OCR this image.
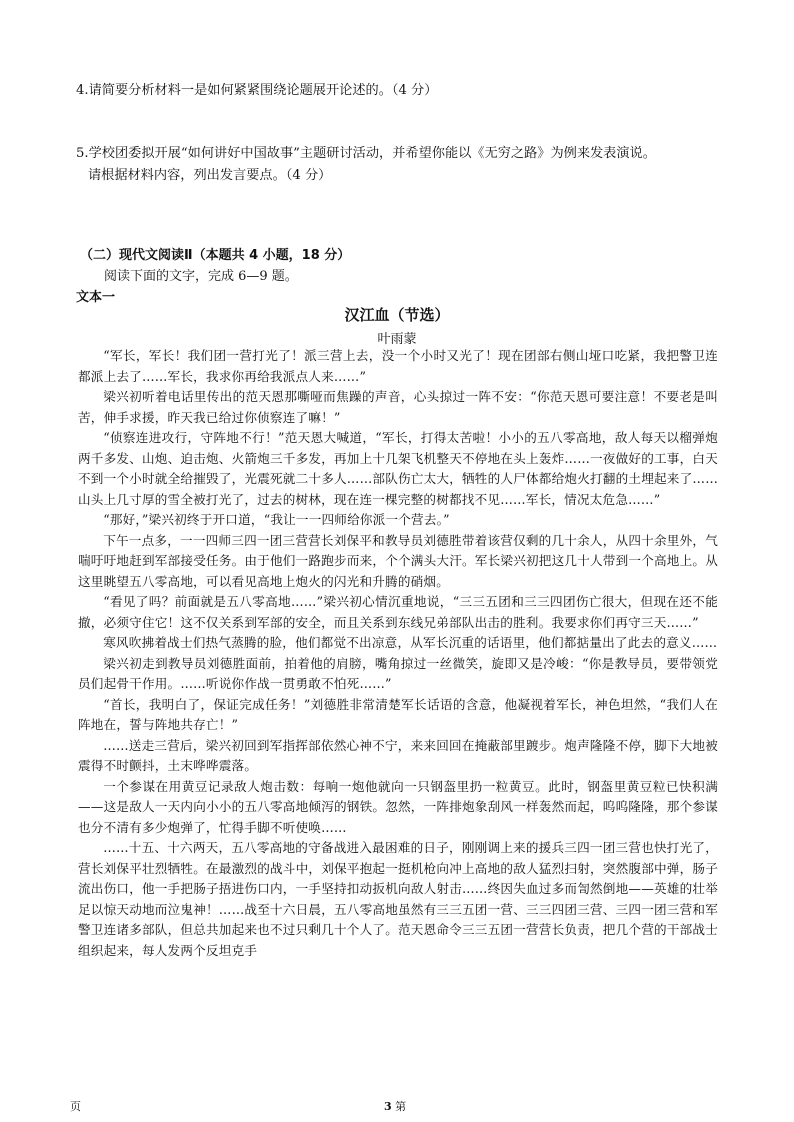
4.请简要分析材料一是如何紧紧围绕论题展开论述的。（4 分）

5.学校团委拟开展“如何讲好中国故事”主题研讨活动，并希望你能以《无穷之路》为例来发表演说。
请根据材料内容，列出发言要点。（4 分）

（二）现代文阅读Ⅱ（本题共 4 小题，18 分）

阅读下面的文字，完成 6—9 题。

文本一

汉江血（节选）

叶雨蒙

“军长，军长！我们团一营打光了！派三营上去，没一个小时又光了！现在团部右侧山垭口吃紧，我把警卫连都派上去了……军长，我求你再给我派点人来……”

梁兴初听着电话里传出的范天恩那嘶哑而焦躁的声音，心头掠过一阵不安：“你范天恩可要注意！不要老是叫苦，伸手求援，昨天我已给过你侦察连了嘛！”

“侦察连进攻行，守阵地不行！”范天恩大喊道，“军长，打得太苦啦！小小的五八零高地，敌人每天以榴弹炮两千多发、山炮、迫击炮、火箭炮三千多发，再加上十几架飞机整天不停地在头上轰炸……一夜做好的工事，白天不到一个小时就全给摧毁了，光震死就二十多人……部队伤亡太大，牺牲的人尸体都给炮火打翻的土埋起来了……山头上几寸厚的雪全被打光了，过去的树林，现在连一棵完整的树都找不见……军长，情况太危急……”

“那好，”梁兴初终于开口道，“我让一一四师给你派一个营去。”

下午一点多，一一四师三四一团三营营长刘保平和教导员刘德胜带着该营仅剩的几十余人，从四十余里外，气喘吁吁地赶到军部接受任务。由于他们一路跑步而来，个个满头大汗。军长梁兴初把这几十人带到一个高地上。从这里眺望五八零高地，可以看见高地上炮火的闪光和升腾的硝烟。

“看见了吗？前面就是五八零高地……”梁兴初心情沉重地说，“三三五团和三三四团伤亡很大，但现在还不能撤，必须守住它！这不仅关系到军部的安全，而且关系到东线兄弟部队出击的胜利。我要求你们再守三天……”

寒风吹拂着战士们热气蒸腾的脸，他们都觉不出凉意，从军长沉重的话语里，他们都掂量出了此去的意义……

梁兴初走到教导员刘德胜面前，拍着他的肩膀，嘴角掠过一丝微笑，旋即又是冷峻：“你是教导员，要带领党员们起骨干作用。……听说你作战一贯勇敢不怕死……”

“首长，我明白了，保证完成任务！”刘德胜非常清楚军长话语的含意，他凝视着军长，神色坦然，“我们人在阵地在，誓与阵地共存亡！”

……送走三营后，梁兴初回到军指挥部依然心神不宁，来来回回在掩蔽部里踱步。炮声隆隆不停，脚下大地被震得不时颤抖，土末哗哗震落。

一个参谋在用黄豆记录敌人炮击数：每响一炮他就向一只钢盔里扔一粒黄豆。此时，钢盔里黄豆粒已快积满——这是敌人一天内向小小的五八零高地倾泻的钢铁。忽然，一阵排炮象刮风一样轰然而起，呜呜隆隆，那个参谋也分不清有多少炮弹了，忙得手脚不听使唤……

……十五、十六两天，五八零高地的守备战进入最困难的日子，刚刚调上来的援兵三四一团三营也快打光了，营长刘保平壮烈牺牲。在最激烈的战斗中，刘保平抱起一挺机枪向冲上高地的敌人猛烈扫射，突然腹部中弹，肠子流出伤口，他一手把肠子捂进伤口内，一手坚持扣动扳机向敌人射击……终因失血过多而訇然倒地——英雄的壮举足以惊天动地而泣鬼神！……战至十六日晨，五八零高地虽然有三三五团一营、三三四团三营、三四一团三营和军警卫连诸多部队，但总共加起来也不过只剩几十个人了。范天恩命令三三五团一营营长负责，把几个营的干部战士组织起来，每人发两个反坦克手

页	3 第
